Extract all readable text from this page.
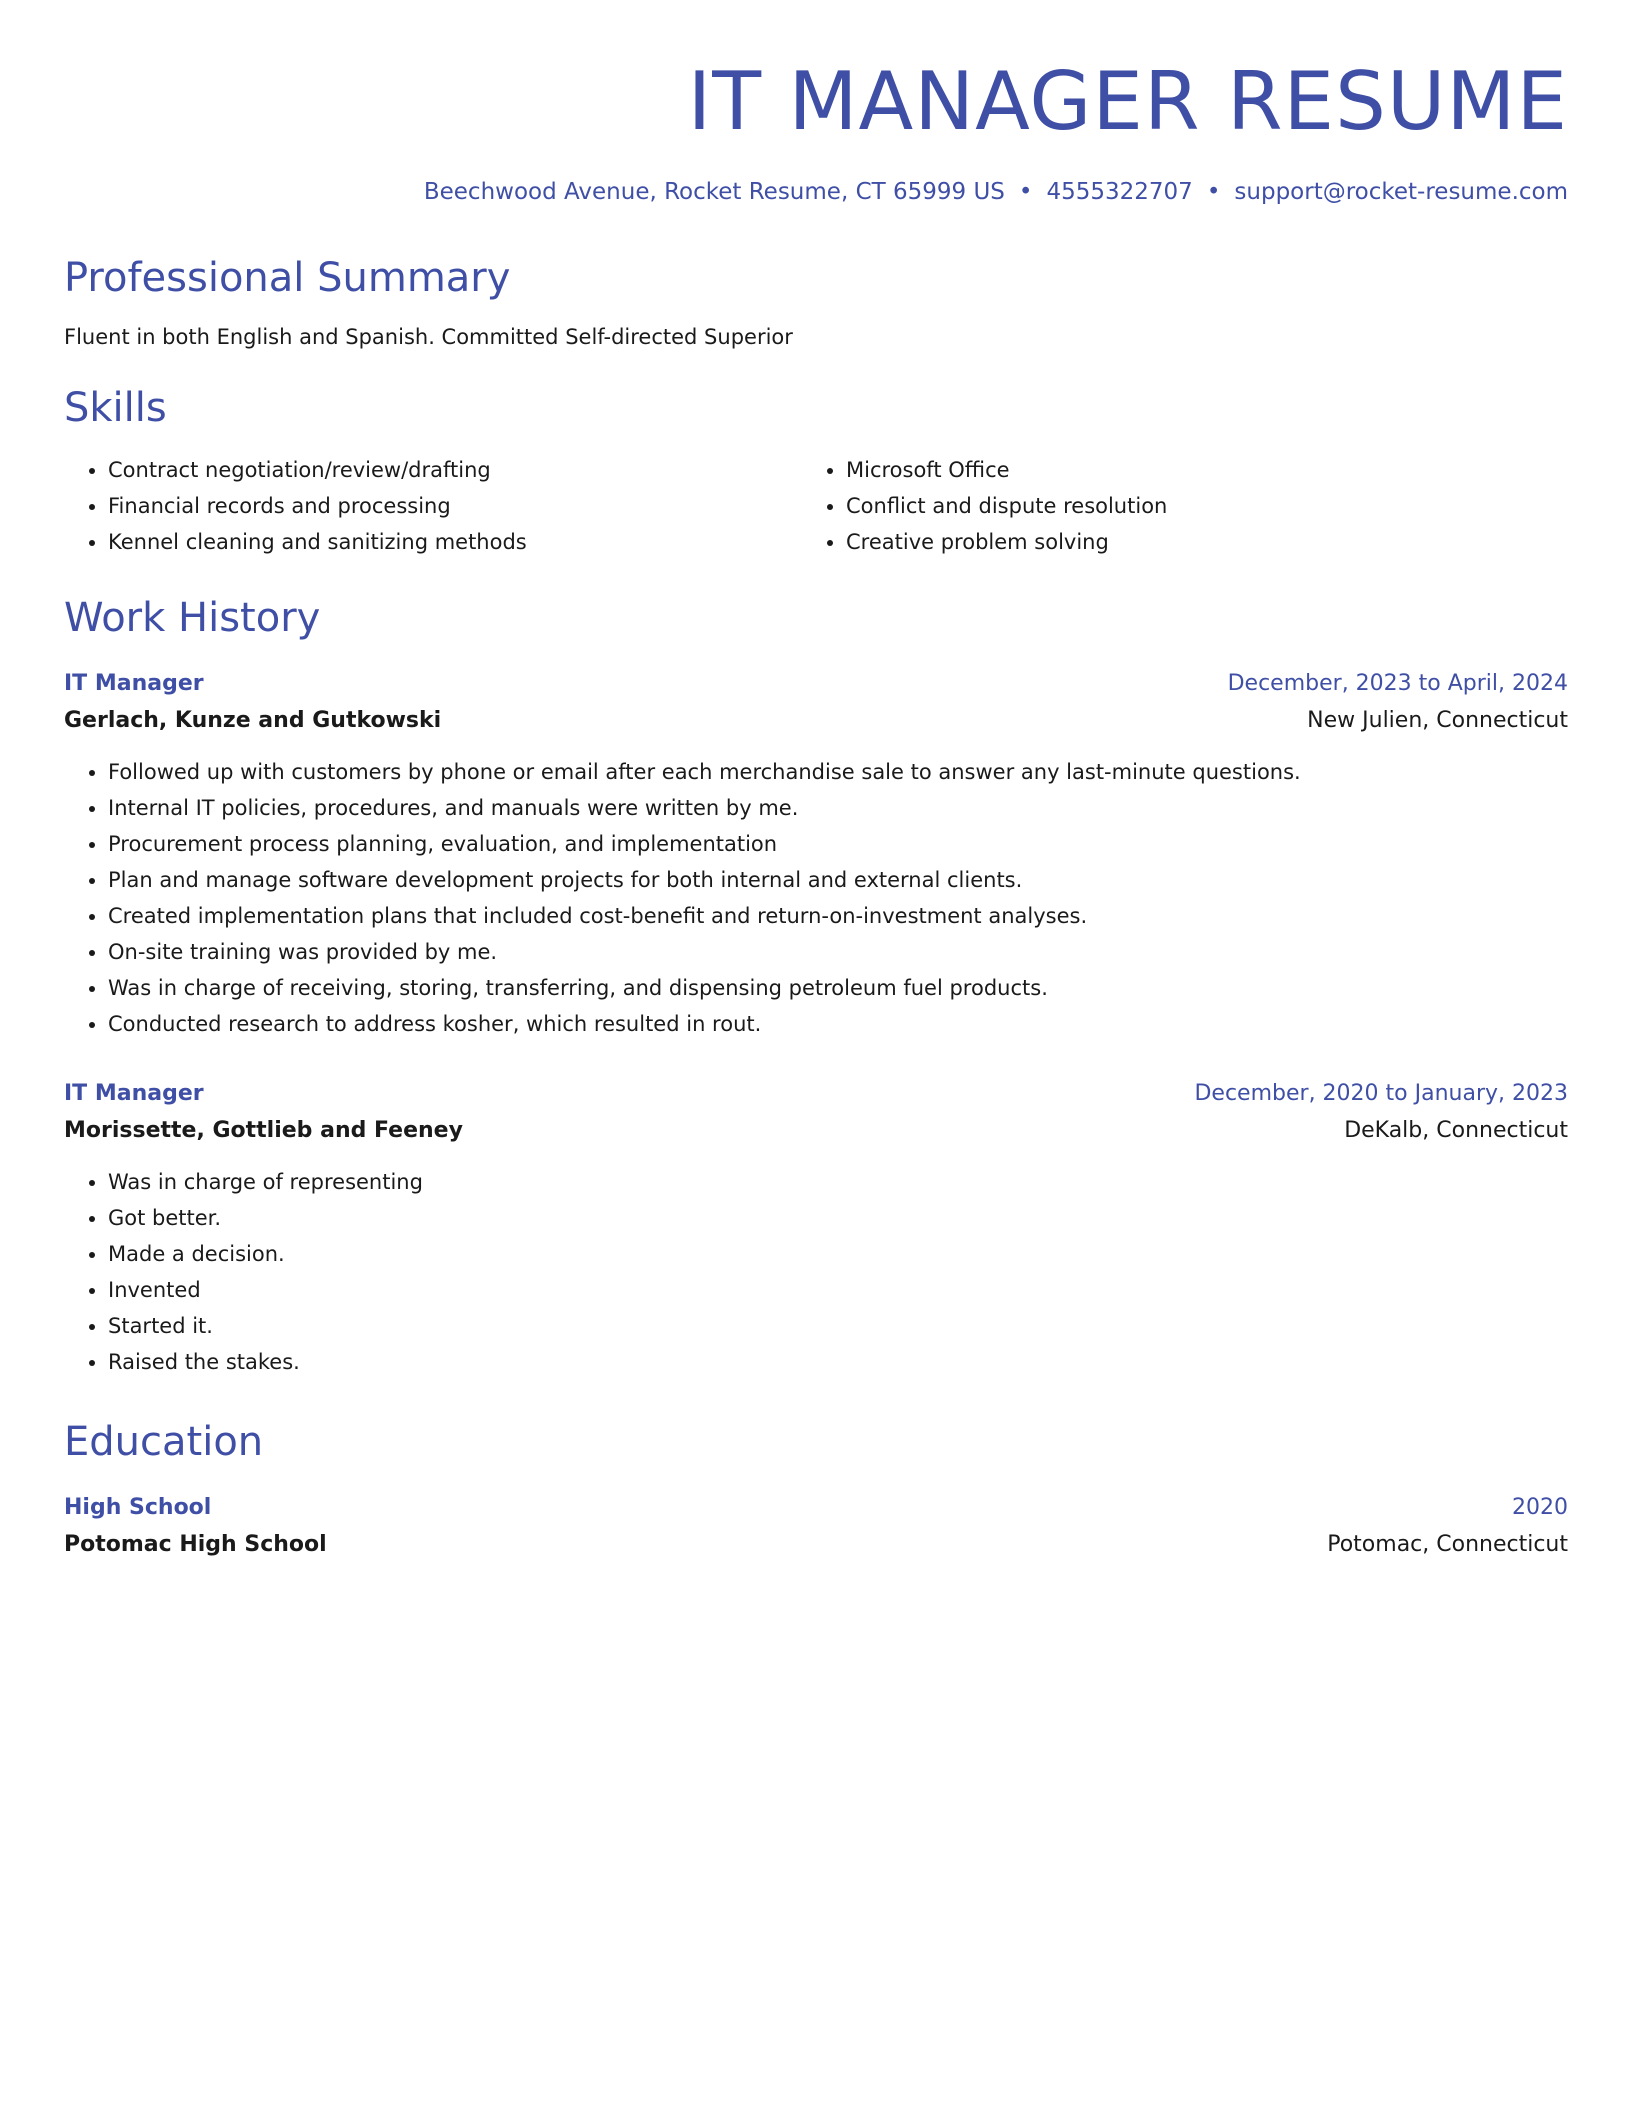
IT MANAGER RESUME
Beechwood Avenue, Rocket Resume, CT 65999 US • 4555322707 • support@rocket-resume.com
Professional Summary
Fluent in both English and Spanish. Committed Self-directed Superior
Skills
• Contract negotiation/review/drafting
• Financial records and processing
• Kennel cleaning and sanitizing methods
• Microsoft Office
• Conflict and dispute resolution
• Creative problem solving
Work History
IT Manager	December, 2023 to April, 2024
Gerlach, Kunze and Gutkowski	New Julien, Connecticut
• Followed up with customers by phone or email after each merchandise sale to answer any last-minute questions.
• Internal IT policies, procedures, and manuals were written by me.
• Procurement process planning, evaluation, and implementation
• Plan and manage software development projects for both internal and external clients.
• Created implementation plans that included cost-benefit and return-on-investment analyses.
• On-site training was provided by me.
• Was in charge of receiving, storing, transferring, and dispensing petroleum fuel products.
• Conducted research to address kosher, which resulted in rout.
IT Manager	December, 2020 to January, 2023
Morissette, Gottlieb and Feeney	DeKalb, Connecticut
• Was in charge of representing
• Got better.
• Made a decision.
• Invented
• Started it.
• Raised the stakes.
Education
High School	2020
Potomac High School	Potomac, Connecticut
